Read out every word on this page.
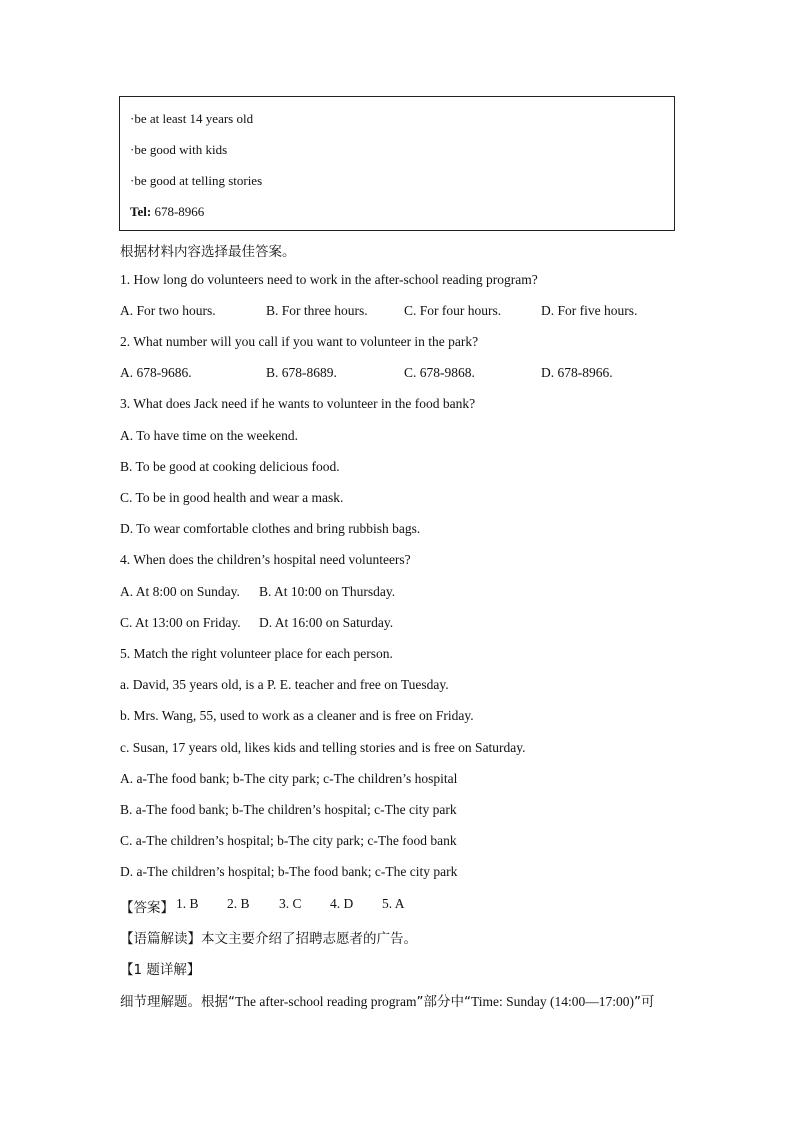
·be at least 14 years old
·be good with kids
·be good at telling stories
Tel: 678-8966
根据材料内容选择最佳答案。
1. How long do volunteers need to work in the after-school reading program?
A. For two hours.	B. For three hours.	C. For four hours.	D. For five hours.
2. What number will you call if you want to volunteer in the park?
A. 678-9686.	B. 678-8689.	C. 678-9868.	D. 678-8966.
3. What does Jack need if he wants to volunteer in the food bank?
A. To have time on the weekend.
B. To be good at cooking delicious food.
C. To be in good health and wear a mask.
D. To wear comfortable clothes and bring rubbish bags.
4. When does the children’s hospital need volunteers?
A. At 8:00 on Sunday. B. At 10:00 on Thursday.
C. At 13:00 on Friday. D. At 16:00 on Saturday.
5. Match the right volunteer place for each person.
a. David, 35 years old, is a P. E. teacher and free on Tuesday.
b. Mrs. Wang, 55, used to work as a cleaner and is free on Friday.
c. Susan, 17 years old, likes kids and telling stories and is free on Saturday.
A. a-The food bank; b-The city park; c-The children’s hospital
B. a-The food bank; b-The children’s hospital; c-The city park
C. a-The children’s hospital; b-The city park; c-The food bank
D. a-The children’s hospital; b-The food bank; c-The city park
【答案】 1. B 2. B 3. C 4. D 5. A
【语篇解读】本文主要介绍了招聘志愿者的广告。
【1 题详解】
细节理解题。根据“The after-school reading program”部分中“Time: Sunday (14:00—17:00)”可
